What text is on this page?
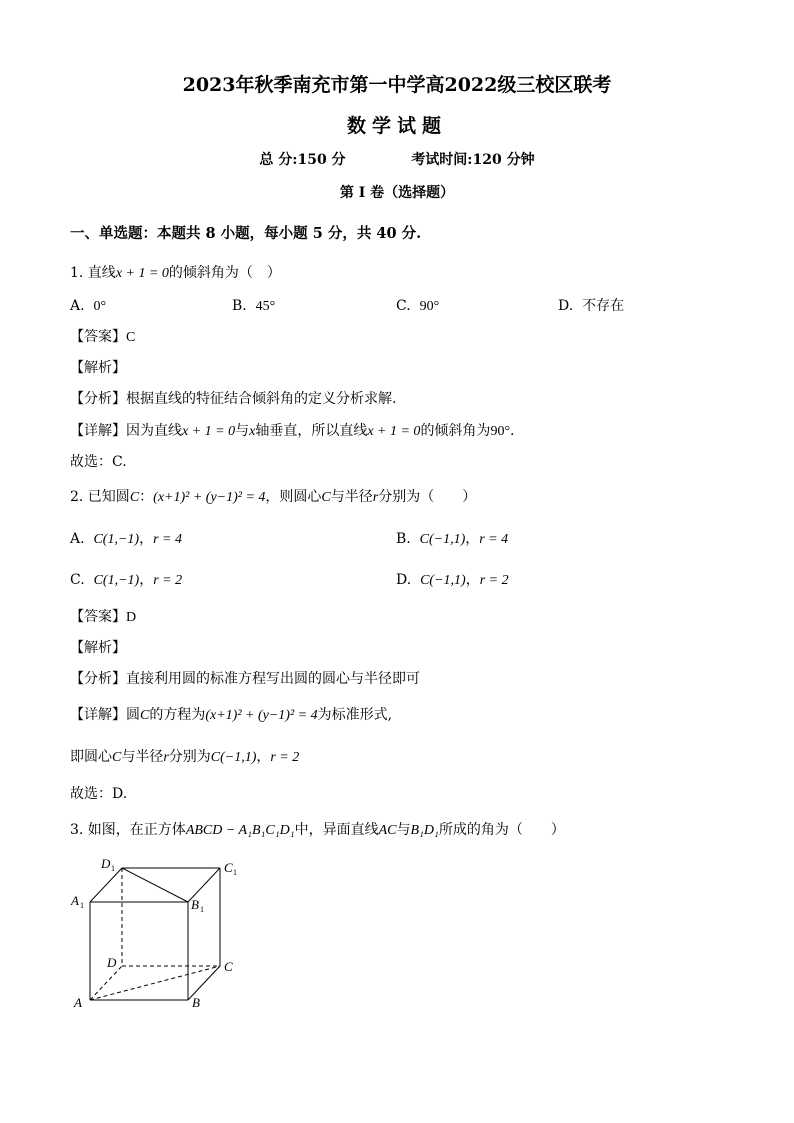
2023年秋季南充市第一中学高2022级三校区联考
数学试题
总 分:150 分	考试时间:120 分钟
第 I 卷（选择题）
一、单选题：本题共 8 小题，每小题 5 分，共 40 分.
1. 直线x + 1 = 0的倾斜角为（　）
A. 0°	B. 45°	C. 90°	D. 不存在
【答案】C
【解析】
【分析】根据直线的特征结合倾斜角的定义分析求解.
【详解】因为直线x + 1 = 0与x轴垂直，所以直线x + 1 = 0的倾斜角为90°.
故选：C.
2. 已知圆C：(x+1)² + (y−1)² = 4，则圆心C与半径r分别为（　　）
A. C(1,−1)，r = 4	B. C(−1,1)，r = 4
C. C(1,−1)，r = 2	D. C(−1,1)，r = 2
【答案】D
【解析】
【分析】直接利用圆的标准方程写出圆的圆心与半径即可
【详解】圆C的方程为(x+1)² + (y−1)² = 4为标准形式,
即圆心C与半径r分别为C(−1,1)，r = 2
故选：D.
3. 如图，在正方体ABCD − A₁B₁C₁D₁中，异面直线AC与B₁D₁所成的角为（　　）
D 1	C 1
A 1	B 1
D	C
A	B
